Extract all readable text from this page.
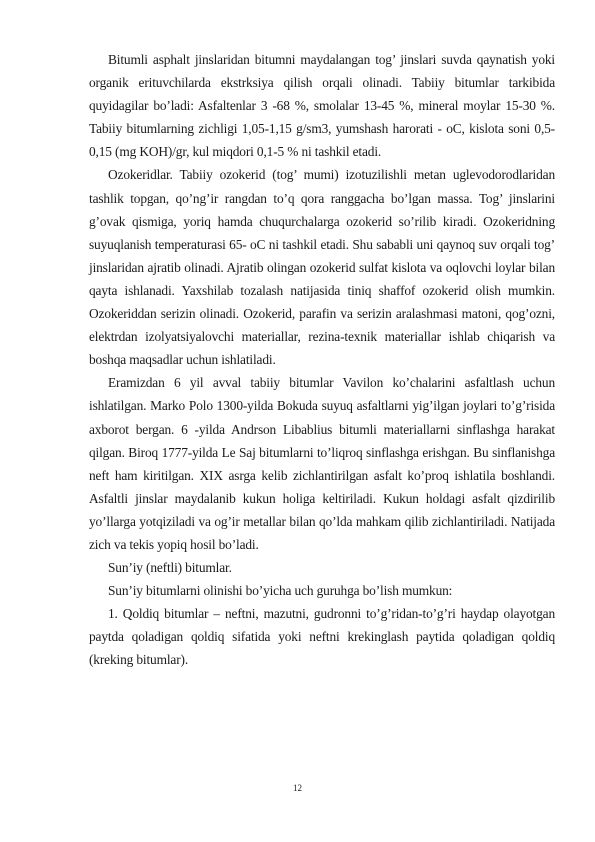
Bitumli asphalt jinslaridan bitumni maydalangan tog’ jinslari suvda qaynatish yoki organik erituvchilarda ekstrksiya qilish orqali olinadi. Tabiiy bitumlar tarkibida quyidagilar bo’ladi: Asfaltenlar 3 -68 %, smolalar 13-45 %, mineral moylar 15-30 %. Tabiiy bitumlarning zichligi 1,05-1,15 g/sm3, yumshash harorati - oC, kislota soni 0,5-0,15 (mg KOH)/gr, kul miqdori 0,1-5 % ni tashkil etadi.

Ozokeridlar. Tabiiy ozokerid (tog’ mumi) izotuzilishli metan uglevodorodlaridan tashlik topgan, qo’ng’ir rangdan to’q qora ranggacha bo’lgan massa. Tog’ jinslarini g’ovak qismiga, yoriq hamda chuqurchalarga ozokerid so’rilib kiradi. Ozokeridning suyuqlanish temperaturasi 65- oC ni tashkil etadi. Shu sababli uni qaynoq suv orqali tog’ jinslaridan ajratib olinadi. Ajratib olingan ozokerid sulfat kislota va oqlovchi loylar bilan qayta ishlanadi. Yaxshilab tozalash natijasida tiniq shaffof ozokerid olish mumkin. Ozokeriddan serizin olinadi. Ozokerid, parafin va serizin aralashmasi matoni, qog’ozni, elektrdan izolyatsiyalovchi materiallar, rezina-texnik materiallar ishlab chiqarish va boshqa maqsadlar uchun ishlatiladi.

Eramizdan 6 yil avval tabiiy bitumlar Vavilon ko’chalarini asfaltlash uchun ishlatilgan. Marko Polo 1300-yilda Bokuda suyuq asfaltlarni yig’ilgan joylari to’g’risida axborot bergan. 6 -yilda Andrson Libablius bitumli materiallarni sinflashga harakat qilgan. Biroq 1777-yilda Le Saj bitumlarni to’liqroq sinflashga erishgan. Bu sinflanishga neft ham kiritilgan. XIX asrga kelib zichlantirilgan asfalt ko’proq ishlatila boshlandi. Asfaltli jinslar maydalanib kukun holiga keltiriladi. Kukun holdagi asfalt qizdirilib yo’llarga yotqiziladi va og’ir metallar bilan qo’lda mahkam qilib zichlantiriladi. Natijada zich va tekis yopiq hosil bo’ladi.

Sun’iy (neftli) bitumlar.

Sun’iy bitumlarni olinishi bo’yicha uch guruhga bo’lish mumkun:

1. Qoldiq bitumlar – neftni, mazutni, gudronni to’g’ridan-to’g’ri haydap olayotgan paytda qoladigan qoldiq sifatida yoki neftni krekinglash paytida qoladigan qoldiq (kreking bitumlar).

12
